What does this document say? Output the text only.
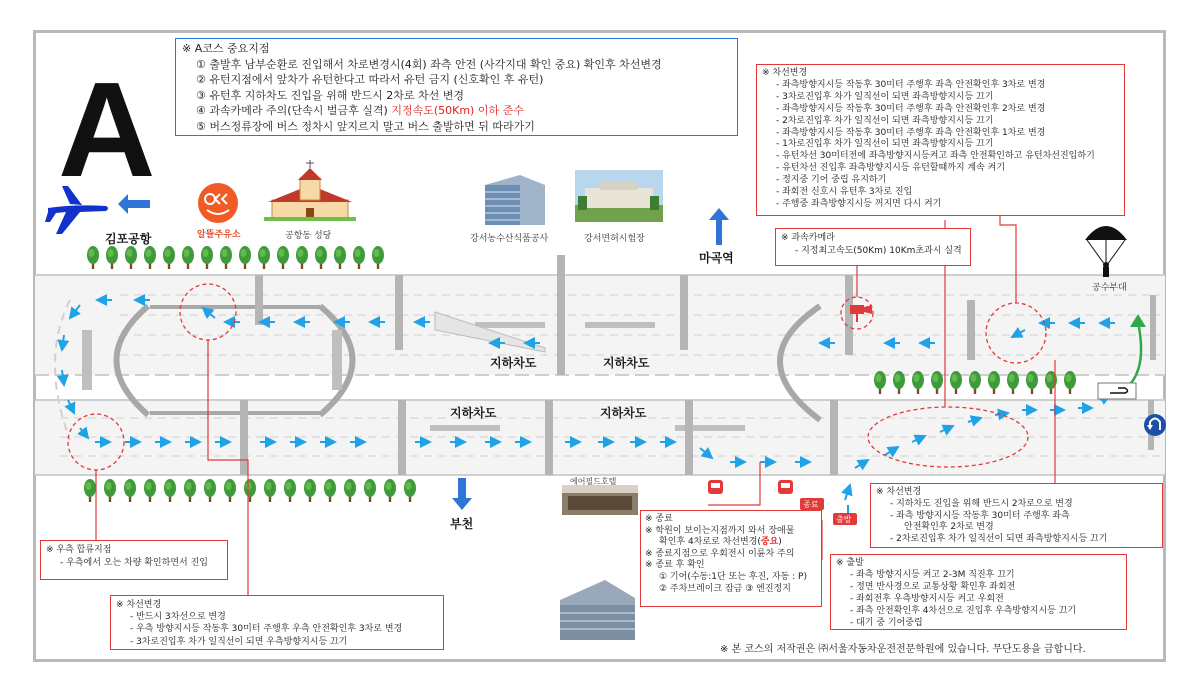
A
김포공항	알뜰주유소	공항동 성당	강서농수산식품공사	강서면허시험장
마곡역
공수부대
에어필드호텔
부천
종료
출발
지하차도	지하차도
지하차도	지하차도
※ A코스 중요지점
① 출발후 남부순환로 진입해서 차로변경시(4회) 좌측 안전 (사각지대 확인 중요) 확인후 차선변경
② 유턴지점에서 앞차가 유턴한다고 따라서 유턴 금지 (신호확인 후 유턴)
③ 유턴후 지하차도 진입을 위해 반드시 2차로 차선 변경
④ 과속카메라 주의(단속시 벌금후 실격) 지정속도(50Km) 이하 준수
⑤ 버스정류장에 버스 정차시 앞지르지 말고 버스 출발하면 뒤 따라가기
※ 차선변경
- 좌측방향지시등 작동후 30미터 주행후 좌측 안전확인후 3차로 변경
- 3차로진입후 차가 일직선이 되면 좌측방향지시등 끄기
- 좌측방향지시등 작동후 30미터 주행후 좌측 안전확인후 2차로 변경
- 2차로진입후 차가 일직선이 되면 좌측방향지시등 끄기
- 좌측방향지시등 작동후 30미터 주행후 좌측 안전확인후 1차로 변경
- 1차로진입후 차가 일직선이 되면 좌측방향지시등 끄기
- 유턴차선 30미터전에 좌측방향지시등켜고 좌측 안전확인하고 유턴차선진입하기
- 유턴차선 진입후 좌측방향지시등 유턴할때까지 계속 켜기
- 정지중 기어 중립 유지하기
- 좌회전 신호시 유턴후 3차로 진입
- 주행중 좌측방향지시등 꺼지면 다시 켜기
※ 과속카메라
- 지정최고속도(50Km) 10Km초과시 실격
※ 우측 합류지점
- 우측에서 오는 차량 확인하면서 진입
※ 차선변경
- 반드시 3차선으로 변경
- 우측 방향지시등 작동후 30미터 주행후 우측 안전확인후 3차로 변경
- 3차로진입후 차가 일직선이 되면 우측방향지시등 끄기
※ 종료
※ 학원이 보이는지점까지 와서 장애물
확인후 4차로로 차선변경(중요)
※ 종료지점으로 우회전시 이륜차 주의
※ 종료 후 확인
① 기어(수동:1단 또는 후진, 자동 : P)
② 주차브레이크 잠금 ③ 엔진정지
※ 차선변경
- 지하차도 진입을 위해 반드시 2차로으로 변경
- 좌측 방향지시등 작동후 30미터 주행후 좌측
안전확인후 2차로 변경
- 2차로진입후 차가 일직선이 되면 좌측방향지시등 끄기
※ 출발
- 좌측 방향지시등 켜고 2-3M 직진후 끄기
- 정면 반사경으로 교통상황 확인후 좌회전
- 좌회전후 우측방향지시등 켜고 우회전
- 좌측 안전확인후 4차선으로 진입후 우측방향지시등 끄기
- 대기 중 기어중립
※ 본 코스의 저작권은 ㈜서울자동차운전전문학원에 있습니다. 무단도용을 금합니다.
